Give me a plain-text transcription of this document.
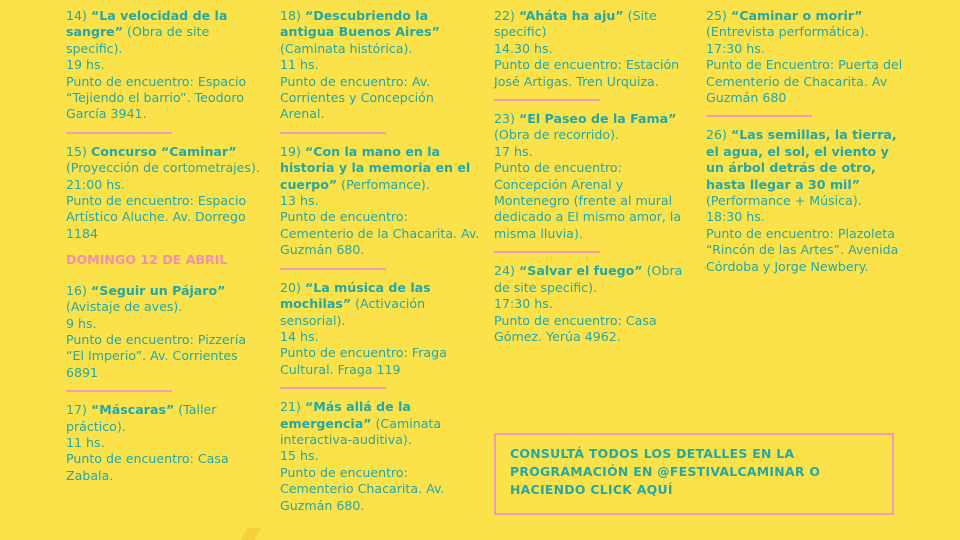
14) “La velocidad de la sangre” (Obra de site specific).
19 hs.
Punto de encuentro: Espacio “Tejiendo el barrio”. Teodoro García 3941.
15) Concurso “Caminar” (Proyección de cortometrajes).
21:00 hs.
Punto de encuentro: Espacio Artístico Aluche. Av. Dorrego 1184
DOMINGO 12 DE ABRIL
16) “Seguir un Pájaro” (Avistaje de aves).
9 hs.
Punto de encuentro: Pizzería “El Imperio”. Av. Corrientes 6891
17) “Máscaras” (Taller práctico).
11 hs.
Punto de encuentro: Casa Zabala.
18) “Descubriendo la antigua Buenos Aires” (Caminata histórica).
11 hs.
Punto de encuentro: Av. Corrientes y Concepción Arenal.
19) “Con la mano en la historia y la memoria en el cuerpo” (Perfomance).
13 hs.
Punto de encuentro: Cementerio de la Chacarita. Av. Guzmán 680.
20) “La música de las mochilas” (Activación sensorial).
14 hs.
Punto de encuentro: Fraga Cultural. Fraga 119
21) “Más allá de la emergencia” (Caminata interactiva-auditiva).
15 hs.
Punto de encuentro: Cementerio Chacarita. Av. Guzmán 680.
22) “Aháta ha aju” (Site specific)
14.30 hs.
Punto de encuentro: Estación José Artigas. Tren Urquiza.
23) “El Paseo de la Fama” (Obra de recorrido).
17 hs.
Punto de encuentro: Concepción Arenal y Montenegro (frente al mural dedicado a El mismo amor, la misma lluvia).
24) “Salvar el fuego” (Obra de site specific).
17:30 hs.
Punto de encuentro: Casa Gómez. Yerúa 4962.
25) “Caminar o morir” (Entrevista performática).
17:30 hs.
Punto de Encuentro: Puerta del Cementerio de Chacarita. Av Guzmán 680
26) “Las semillas, la tierra, el agua, el sol, el viento y un árbol detrás de otro, hasta llegar a 30 mil” (Performance + Música).
18:30 hs.
Punto de encuentro: Plazoleta “Rincón de las Artes”. Avenida Córdoba y Jorge Newbery.
CONSULTÁ TODOS LOS DETALLES EN LA PROGRAMACIÓN EN @FESTIVALCAMINAR O HACIENDO CLICK AQUÍ
